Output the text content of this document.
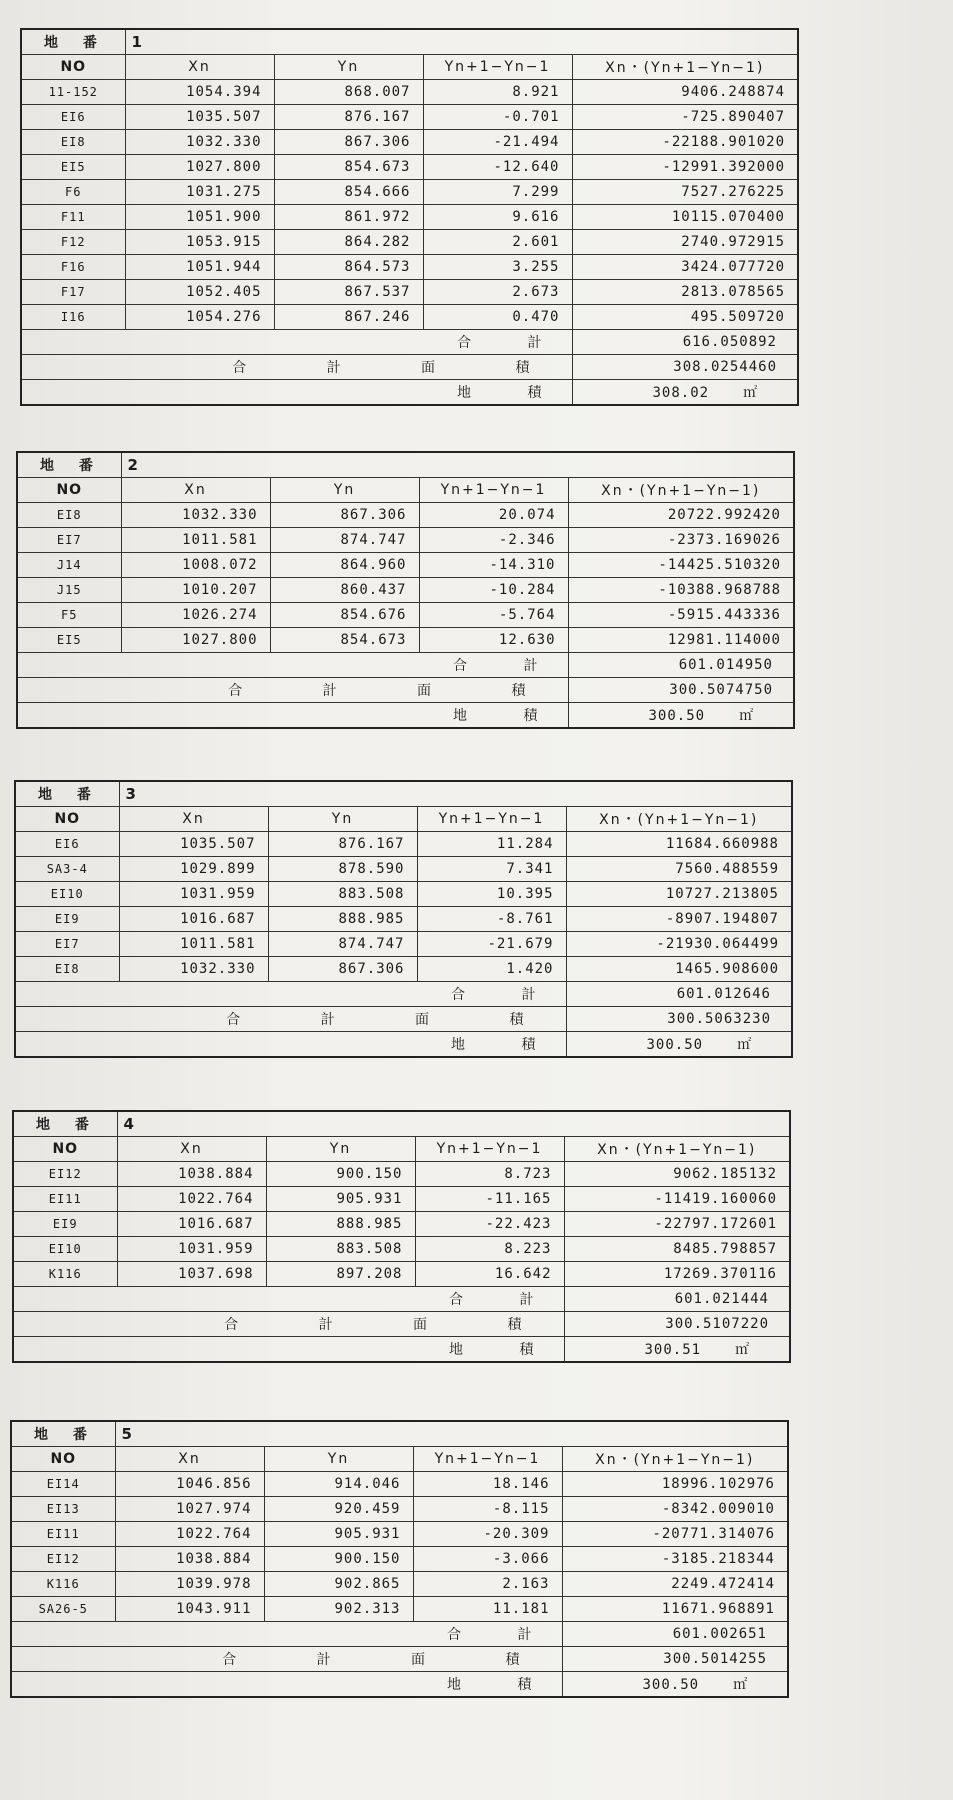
地 番	1			
NO	Xn	Yn	Yn+1−Yn−1	Xn・(Yn+1−Yn−1)
11-152	1054.394	868.007	8.921	9406.248874
EI6	1035.507	876.167	-0.701	-725.890407
EI8	1032.330	867.306	-21.494	-22188.901020
EI5	1027.800	854.673	-12.640	-12991.392000
F6	1031.275	854.666	7.299	7527.276225
F11	1051.900	861.972	9.616	10115.070400
F12	1053.915	864.282	2.601	2740.972915
F16	1051.944	864.573	3.255	3424.077720
F17	1052.405	867.537	2.673	2813.078565
I16	1054.276	867.246	0.470	495.509720
合 計				616.050892
合 計 面 積				308.0254460
地 積				308.02 ㎡
地 番	2			
NO	Xn	Yn	Yn+1−Yn−1	Xn・(Yn+1−Yn−1)
EI8	1032.330	867.306	20.074	20722.992420
EI7	1011.581	874.747	-2.346	-2373.169026
J14	1008.072	864.960	-14.310	-14425.510320
J15	1010.207	860.437	-10.284	-10388.968788
F5	1026.274	854.676	-5.764	-5915.443336
EI5	1027.800	854.673	12.630	12981.114000
合 計				601.014950
合 計 面 積				300.5074750
地 積				300.50 ㎡
地 番	3			
NO	Xn	Yn	Yn+1−Yn−1	Xn・(Yn+1−Yn−1)
EI6	1035.507	876.167	11.284	11684.660988
SA3-4	1029.899	878.590	7.341	7560.488559
EI10	1031.959	883.508	10.395	10727.213805
EI9	1016.687	888.985	-8.761	-8907.194807
EI7	1011.581	874.747	-21.679	-21930.064499
EI8	1032.330	867.306	1.420	1465.908600
合 計				601.012646
合 計 面 積				300.5063230
地 積				300.50 ㎡
地 番	4			
NO	Xn	Yn	Yn+1−Yn−1	Xn・(Yn+1−Yn−1)
EI12	1038.884	900.150	8.723	9062.185132
EI11	1022.764	905.931	-11.165	-11419.160060
EI9	1016.687	888.985	-22.423	-22797.172601
EI10	1031.959	883.508	8.223	8485.798857
K116	1037.698	897.208	16.642	17269.370116
合 計				601.021444
合 計 面 積				300.5107220
地 積				300.51 ㎡
地 番	5			
NO	Xn	Yn	Yn+1−Yn−1	Xn・(Yn+1−Yn−1)
EI14	1046.856	914.046	18.146	18996.102976
EI13	1027.974	920.459	-8.115	-8342.009010
EI11	1022.764	905.931	-20.309	-20771.314076
EI12	1038.884	900.150	-3.066	-3185.218344
K116	1039.978	902.865	2.163	2249.472414
SA26-5	1043.911	902.313	11.181	11671.968891
合 計				601.002651
合 計 面 積				300.5014255
地 積				300.50 ㎡
